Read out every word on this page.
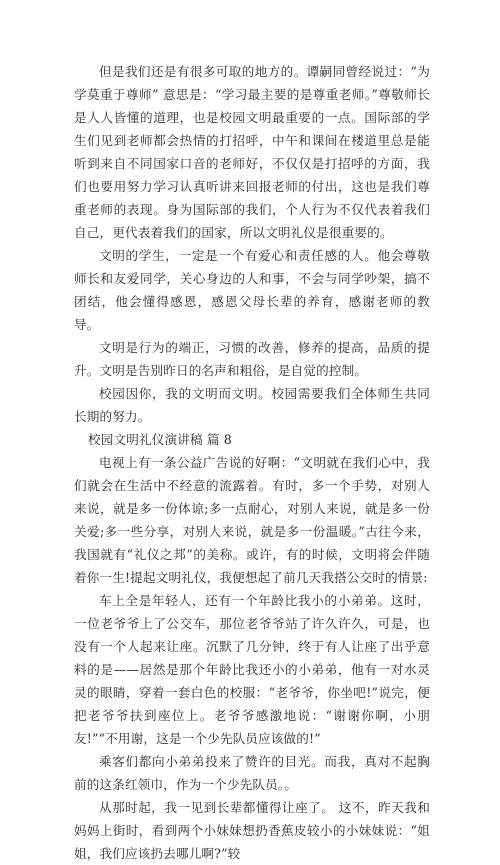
但是我们还是有很多可取的地方的。谭嗣同曾经说过：“为学莫重于尊师” 意思是：“学习最主要的是尊重老师。”尊敬师长是人人皆懂的道理，也是校园文明最重要的一点。国际部的学生们见到老师都会热情的打招呼，中午和课间在楼道里总是能听到来自不同国家口音的老师好，不仅仅是打招呼的方面，我们也要用努力学习认真听讲来回报老师的付出，这也是我们尊重老师的表现。身为国际部的我们，个人行为不仅代表着我们自己，更代表着我们的国家，所以文明礼仪是很重要的。

文明的学生，一定是一个有爱心和责任感的人。他会尊敬师长和友爱同学，关心身边的人和事，不会与同学吵架，搞不团结，他会懂得感恩，感恩父母长辈的养育，感谢老师的教导。

文明是行为的端正，习惯的改善，修养的提高，品质的提升。文明是告别昨日的名声和粗俗，是自觉的控制。

校园因你，我的文明而文明。校园需要我们全体师生共同长期的努力。

校园文明礼仪演讲稿 篇 8

电视上有一条公益广告说的好啊：“文明就在我们心中，我们就会在生活中不经意的流露着。有时，多一个手势，对别人来说，就是多一份体谅;多一点耐心，对别人来说，就是多一份关爱;多一些分享，对别人来说，就是多一份温暖。”古往今来，我国就有“礼仪之邦”的美称。或许，有的时候，文明将会伴随着你一生!提起文明礼仪，我便想起了前几天我搭公交时的情景:

车上全是年轻人，还有一个年龄比我小的小弟弟。这时，一位老爷爷上了公交车，那位老爷爷站了许久许久，可是，也没有一个人起来让座。沉默了几分钟，终于有人让座了出乎意料的是——居然是那个年龄比我还小的小弟弟，他有一对水灵灵的眼睛，穿着一套白色的校服：“老爷爷，你坐吧!”说完，便把老爷爷扶到座位上。老爷爷感激地说：“谢谢你啊，小朋友!”“不用谢，这是一个少先队员应该做的!”

乘客们都向小弟弟投来了赞许的目光。而我，真对不起胸前的这条红领巾，作为一个少先队员。。

从那时起，我一见到长辈都懂得让座了。 这不，昨天我和妈妈上街时，看到两个小妹妹想扔香蕉皮较小的小妹妹说：“姐姐，我们应该扔去哪儿啊?”较
